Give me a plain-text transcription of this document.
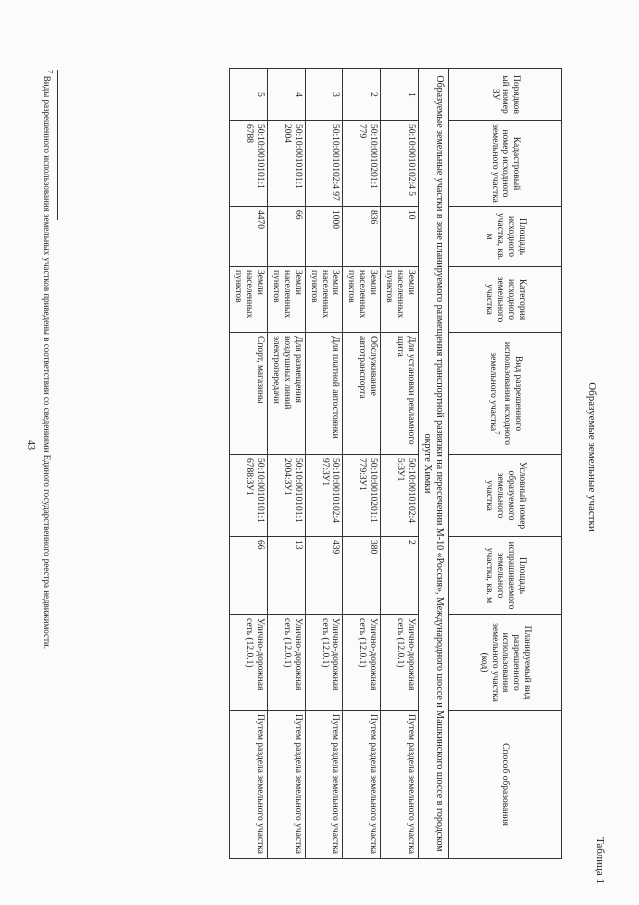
43
Таблица 1
Образуемые земельные участки
Порядковый номер ЗУ	Кадастровый номер исходного земельного участка	Площадь исходного участка, кв. м	Категория исходного земельного участка	Вид разрешенного использования исходного земельного участка$^7$	Условный номер образуемого земельного участка	Площадь испрашиваемого земельного участка, кв. м	Планируемый вид разрешенного использования земельного участка (код)	Способ образования
Образуемые земельные участки в зоне планируемого размещения транспортной развязки на пересечении М-10 «Россия», Международного шоссе и Машкинского шоссе в городском округе Химки								
1	50:10:0010102:4 5	10	Земли населенных пунктов	Для установки рекламного щита	50:10:0010102:4 5:ЗУ1	2	Улично-дорожная сеть (12.0.1)	Путем раздела земельного участка
2	50:10:0010201:1 779	836	Земли населенных пунктов	Обслуживание автотранспорта	50:10:0010201:1 779:ЗУ1	380	Улично-дорожная сеть (12.0.1)	Путем раздела земельного участка
3	50:10:0010102:4 97	1000	Земли населенных пунктов	Для платной автостоянки	50:10:0010102:4 97:ЗУ1	439	Улично-дорожная сеть (12.0.1)	Путем раздела земельного участка
4	50:10:0010101:1 2004	66	Земли населенных пунктов	Для размещения воздушных линий электропередачи	50:10:0010101:1 2004:ЗУ1	13	Улично-дорожная сеть (12.0.1)	Путем раздела земельного участка
5	50:10:0010101:1 6788	4470	Земли населенных пунктов	Спорт, магазины	50:10:0010101:1 6788:ЗУ1	66	Улично-дорожная сеть (12.0.1)	Путем раздела земельного участка
$^7$ Виды разрешенного использования земельных участков приведены в соответствии со сведениями Единого государственного реестра недвижимости.
